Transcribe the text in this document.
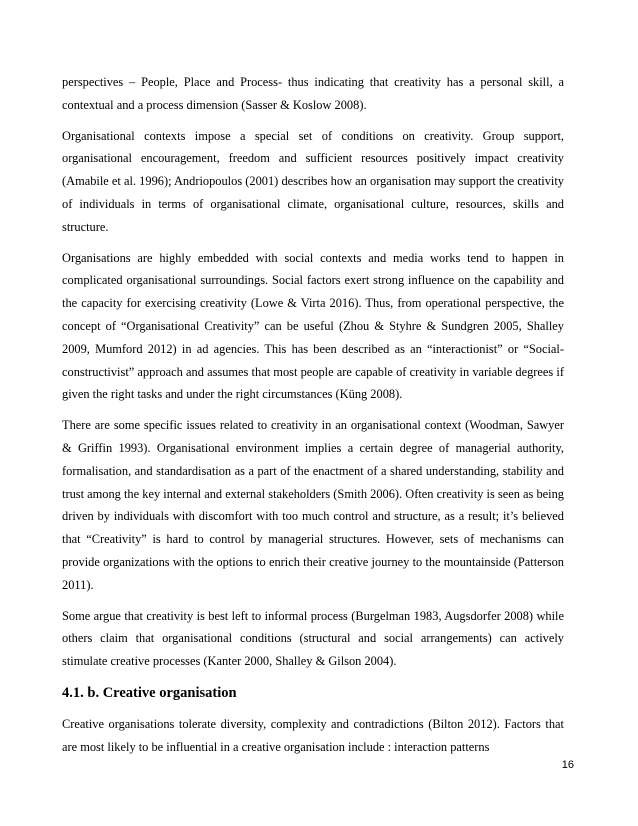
perspectives – People, Place and Process- thus indicating that creativity has a personal skill, a contextual and a process dimension (Sasser & Koslow 2008).

Organisational contexts impose a special set of conditions on creativity. Group support, organisational encouragement, freedom and sufficient resources positively impact creativity (Amabile et al. 1996); Andriopoulos (2001) describes how an organisation may support the creativity of individuals in terms of organisational climate, organisational culture, resources, skills and structure.

Organisations are highly embedded with social contexts and media works tend to happen in complicated organisational surroundings. Social factors exert strong influence on the capability and the capacity for exercising creativity (Lowe & Virta 2016). Thus, from operational perspective, the concept of “Organisational Creativity” can be useful (Zhou & Styhre & Sundgren 2005, Shalley 2009, Mumford 2012) in ad agencies. This has been described as an “interactionist” or “Social- constructivist” approach and assumes that most people are capable of creativity in variable degrees if given the right tasks and under the right circumstances (Küng 2008).

There are some specific issues related to creativity in an organisational context (Woodman, Sawyer & Griffin 1993). Organisational environment implies a certain degree of managerial authority, formalisation, and standardisation as a part of the enactment of a shared understanding, stability and trust among the key internal and external stakeholders (Smith 2006). Often creativity is seen as being driven by individuals with discomfort with too much control and structure, as a result; it’s believed that “Creativity” is hard to control by managerial structures. However, sets of mechanisms can provide organizations with the options to enrich their creative journey to the mountainside (Patterson 2011).

Some argue that creativity is best left to informal process (Burgelman 1983, Augsdorfer 2008) while others claim that organisational conditions (structural and social arrangements) can actively stimulate creative processes (Kanter 2000, Shalley & Gilson 2004).

4.1. b. Creative organisation

Creative organisations tolerate diversity, complexity and contradictions (Bilton 2012). Factors that are most likely to be influential in a creative organisation include : interaction patterns

16
